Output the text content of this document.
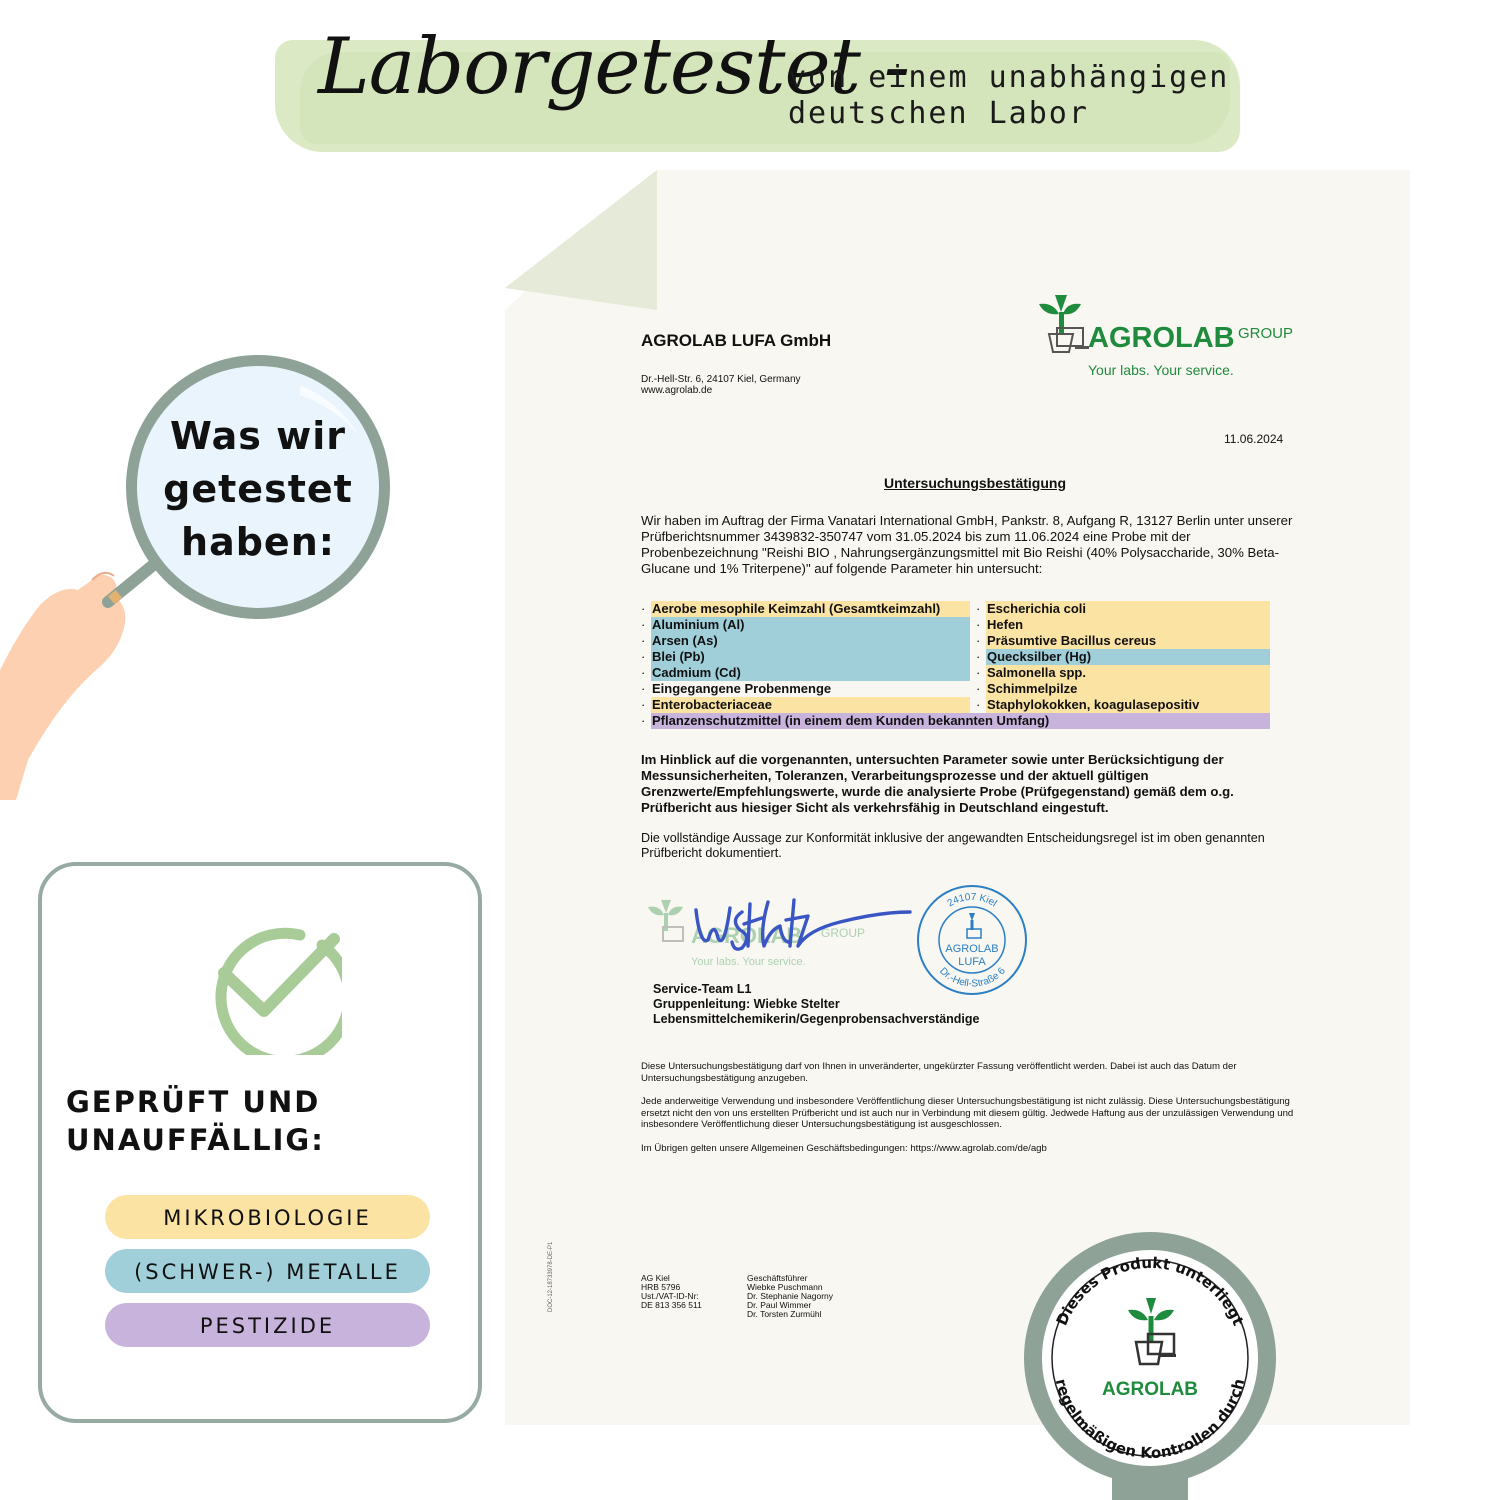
Laborgetestet -
von einem unabhängigen
deutschen Labor
AGROLAB LUFA GmbH
Dr.-Hell-Str. 6, 24107 Kiel, Germany
www.agrolab.de
AGROLAB GROUP
Your labs. Your service.
11.06.2024
Untersuchungsbestätigung
Wir haben im Auftrag der Firma Vanatari International GmbH, Pankstr. 8, Aufgang R, 13127 Berlin unter unserer Prüfberichtsnummer 3439832-350747 vom 31.05.2024 bis zum 11.06.2024 eine Probe mit der Probenbezeichnung "Reishi BIO , Nahrungsergänzungsmittel mit Bio Reishi (40% Polysaccharide, 30% Beta-Glucane und 1% Triterpene)" auf folgende Parameter hin untersucht:
· Aerobe mesophile Keimzahl (Gesamtkeimzahl)
· Aluminium (Al)
· Arsen (As)
· Blei (Pb)
· Cadmium (Cd)
· Eingegangene Probenmenge
· Enterobacteriaceae
· Escherichia coli
· Hefen
· Präsumtive Bacillus cereus
· Quecksilber (Hg)
· Salmonella spp.
· Schimmelpilze
· Staphylokokken, koagulasepositiv
· Pflanzenschutzmittel (in einem dem Kunden bekannten Umfang)
Im Hinblick auf die vorgenannten, untersuchten Parameter sowie unter Berücksichtigung der Messunsicherheiten, Toleranzen, Verarbeitungsprozesse und der aktuell gültigen Grenzwerte/Empfehlungswerte, wurde die analysierte Probe (Prüfgegenstand) gemäß dem o.g. Prüfbericht aus hiesiger Sicht als verkehrsfähig in Deutschland eingestuft.
Die vollständige Aussage zur Konformität inklusive der angewandten Entscheidungsregel ist im oben genannten Prüfbericht dokumentiert.
AGROLAB GROUP
Your labs. Your service.
24107 Kiel
Dr.-Hell-Straße 6
AGROLAB
LUFA
Service-Team L1
Gruppenleitung: Wiebke Stelter
Lebensmittelchemikerin/Gegenprobensachverständige
Diese Untersuchungsbestätigung darf von Ihnen in unveränderter, ungekürzter Fassung veröffentlicht werden. Dabei ist auch das Datum der Untersuchungsbestätigung anzugeben.
Jede anderweitige Verwendung und insbesondere Veröffentlichung dieser Untersuchungsbestätigung ist nicht zulässig. Diese Untersuchungsbestätigung ersetzt nicht den von uns erstellten Prüfbericht und ist auch nur in Verbindung mit diesem gültig. Jedwede Haftung aus der unzulässigen Verwendung und insbesondere Veröffentlichung dieser Untersuchungsbestätigung ist ausgeschlossen.
Im Übrigen gelten unsere Allgemeinen Geschäftsbedingungen: https://www.agrolab.com/de/agb
DOC-12-18733978-DE-P1	AG Kiel
HRB 5796
Ust./VAT-ID-Nr:
DE 813 356 511
Geschäftsführer
Wiebke Puschmann
Dr. Stephanie Nagorny
Dr. Paul Wimmer
Dr. Torsten Zurmühl
Was wir
getestet
haben:
GEPRÜFT UND
UNAUFFÄLLIG:
MIKROBIOLOGIE
(SCHWER-) METALLE
PESTIZIDE	Dieses Produkt unterliegt
regelmäßigen Kontrollen durch
AGROLAB
